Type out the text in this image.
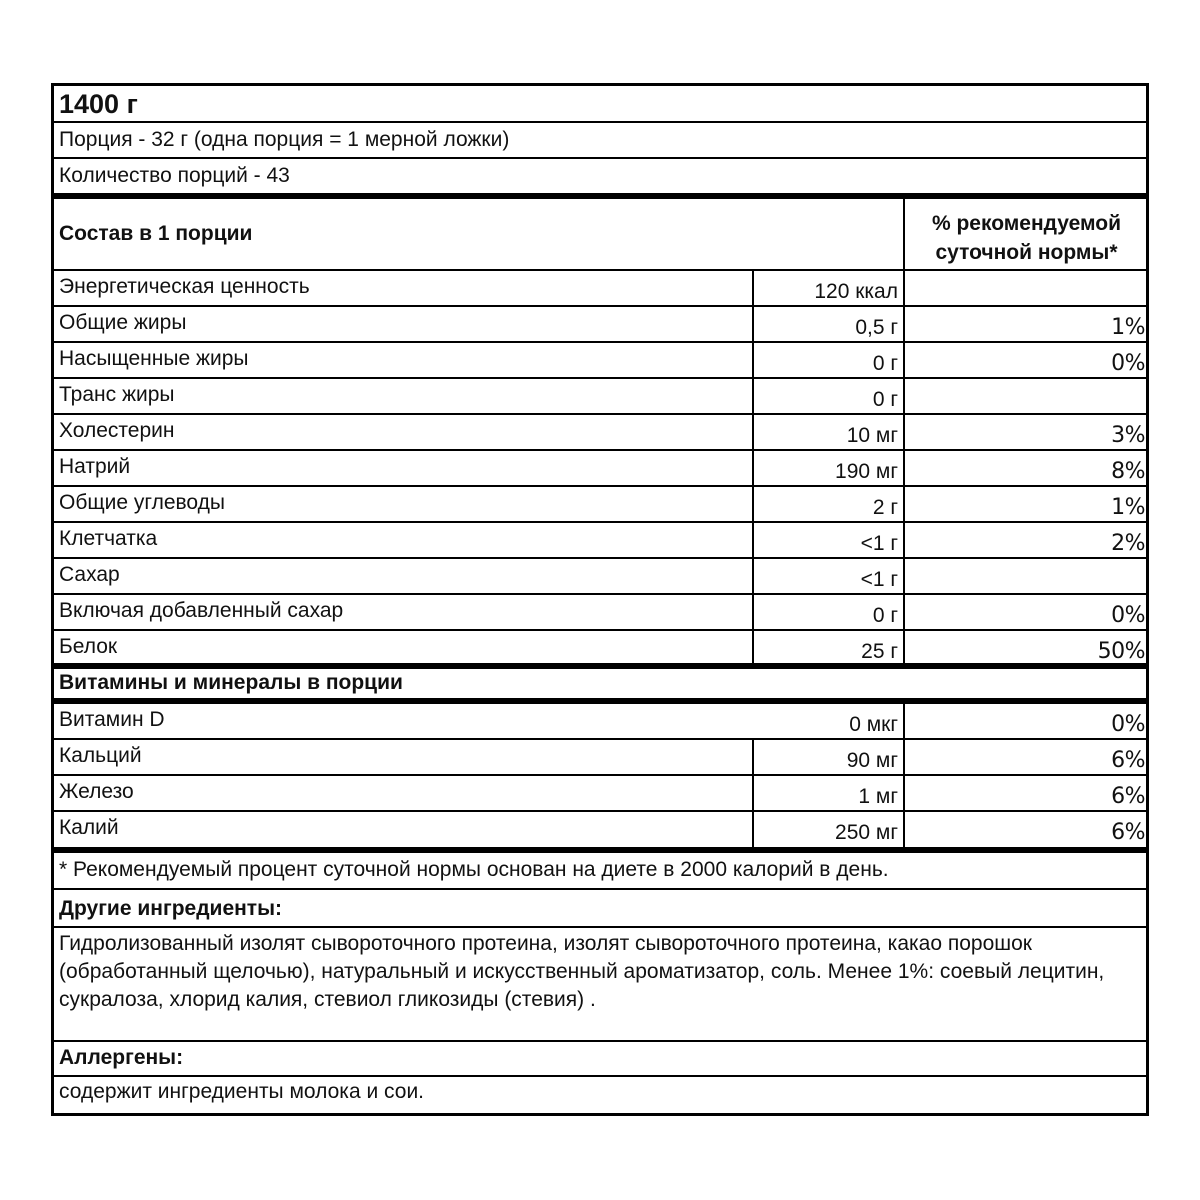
1400 г
Порция - 32 г (одна порция = 1 мерной ложки)
Количество порций - 43
Состав в 1 порции	% рекомендуемой
суточной нормы*
Энергетическая ценность	120 ккал
Общие жиры	0,5 г	1%
Насыщенные жиры	0 г	0%
Транс жиры	0 г
Холестерин	10 мг	3%
Натрий	190 мг	8%
Общие углеводы	2 г	1%
Клетчатка	<1 г	2%
Сахар	<1 г
Включая добавленный сахар	0 г	0%
Белок	25 г	50%
Витамины и минералы в порции
Витамин D	0 мкг	0%
Кальций	90 мг	6%
Железо	1 мг	6%
Калий	250 мг	6%
* Рекомендуемый процент суточной нормы основан на диете в 2000 калорий в день.
Другие ингредиенты:
Гидролизованный изолят сывороточного протеина, изолят сывороточного протеина, какао порошок (обработанный щелочью), натуральный и искусственный ароматизатор, соль. Менее 1%: соевый лецитин, сукралоза, хлорид калия, стевиол гликозиды (стевия) .
Аллергены:
содержит ингредиенты молока и сои.
